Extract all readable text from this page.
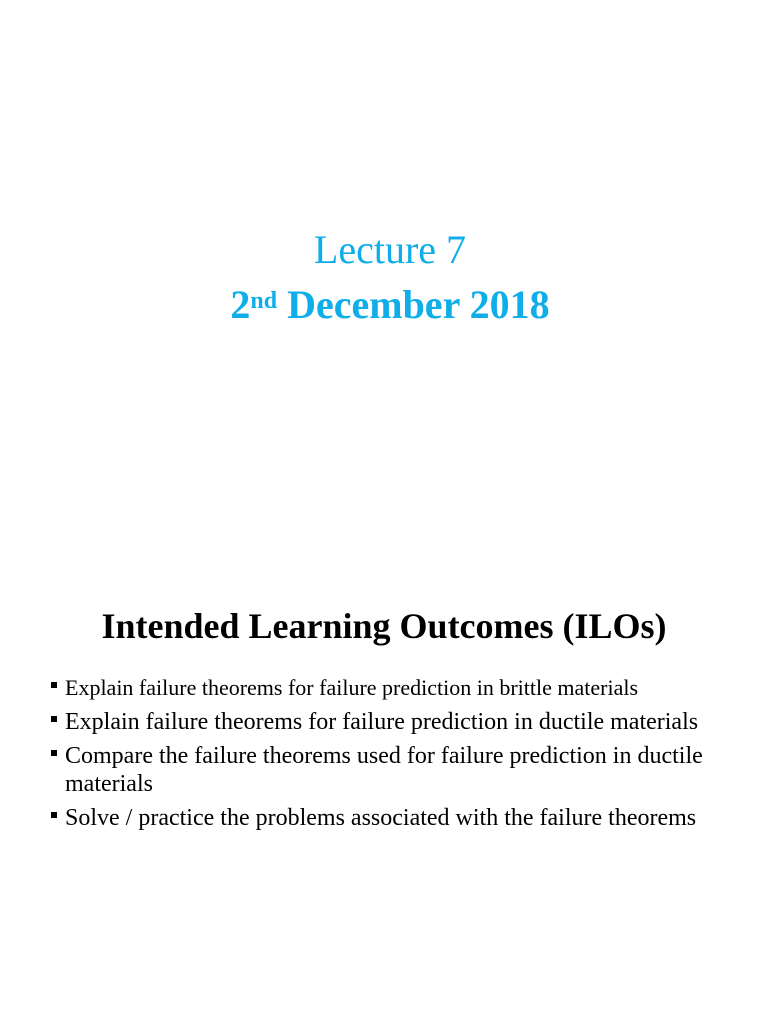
Lecture 7
2nd December 2018
Intended Learning Outcomes (ILOs)
Explain failure theorems for failure prediction in brittle materials
Explain failure theorems for failure prediction in ductile materials
Compare the failure theorems used for failure prediction in ductile materials
Solve / practice the problems associated with the failure theorems
